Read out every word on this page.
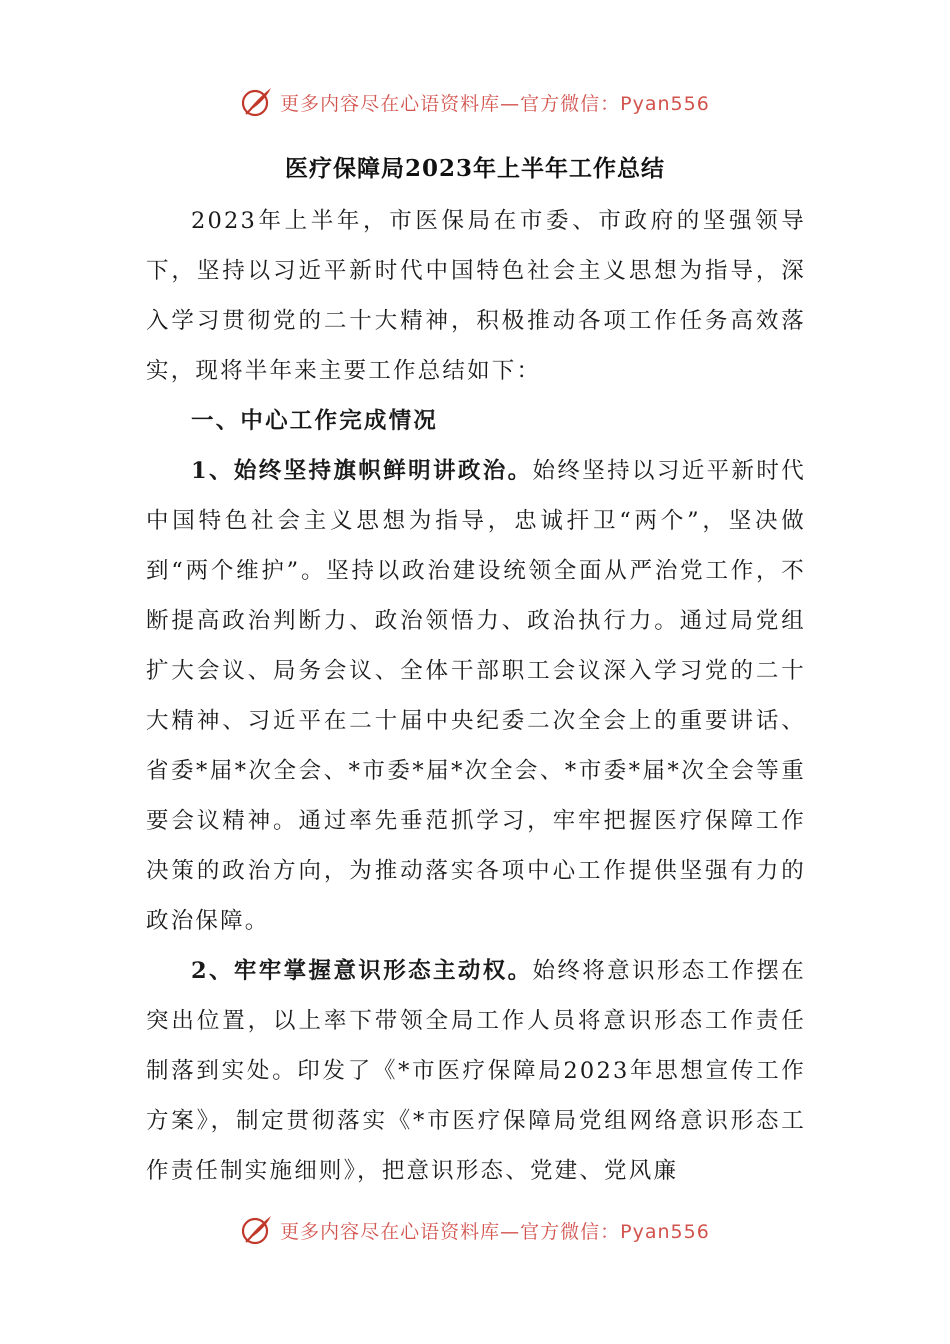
更多内容尽在心语资料库—官方微信：Pyan556
医疗保障局2023年上半年工作总结

2023年上半年，市医保局在市委、市政府的坚强领导下，坚持以习近平新时代中国特色社会主义思想为指导，深入学习贯彻党的二十大精神，积极推动各项工作任务高效落实，现将半年来主要工作总结如下：

一、中心工作完成情况

1、始终坚持旗帜鲜明讲政治。始终坚持以习近平新时代中国特色社会主义思想为指导，忠诚扞卫“两个”，坚决做到“两个维护”。坚持以政治建设统领全面从严治党工作，不断提高政治判断力、政治领悟力、政治执行力。通过局党组扩大会议、局务会议、全体干部职工会议深入学习党的二十大精神、习近平在二十届中央纪委二次全会上的重要讲话、省委*届*次全会、*市委*届*次全会、*市委*届*次全会等重要会议精神。通过率先垂范抓学习，牢牢把握医疗保障工作决策的政治方向，为推动落实各项中心工作提供坚强有力的政治保障。

2、牢牢掌握意识形态主动权。始终将意识形态工作摆在突出位置，以上率下带领全局工作人员将意识形态工作责任制落到实处。印发了《*市医疗保障局2023年思想宣传工作方案》，制定贯彻落实《*市医疗保障局党组网络意识形态工作责任制实施细则》，把意识形态、党建、党风廉

更多内容尽在心语资料库—官方微信：Pyan556
